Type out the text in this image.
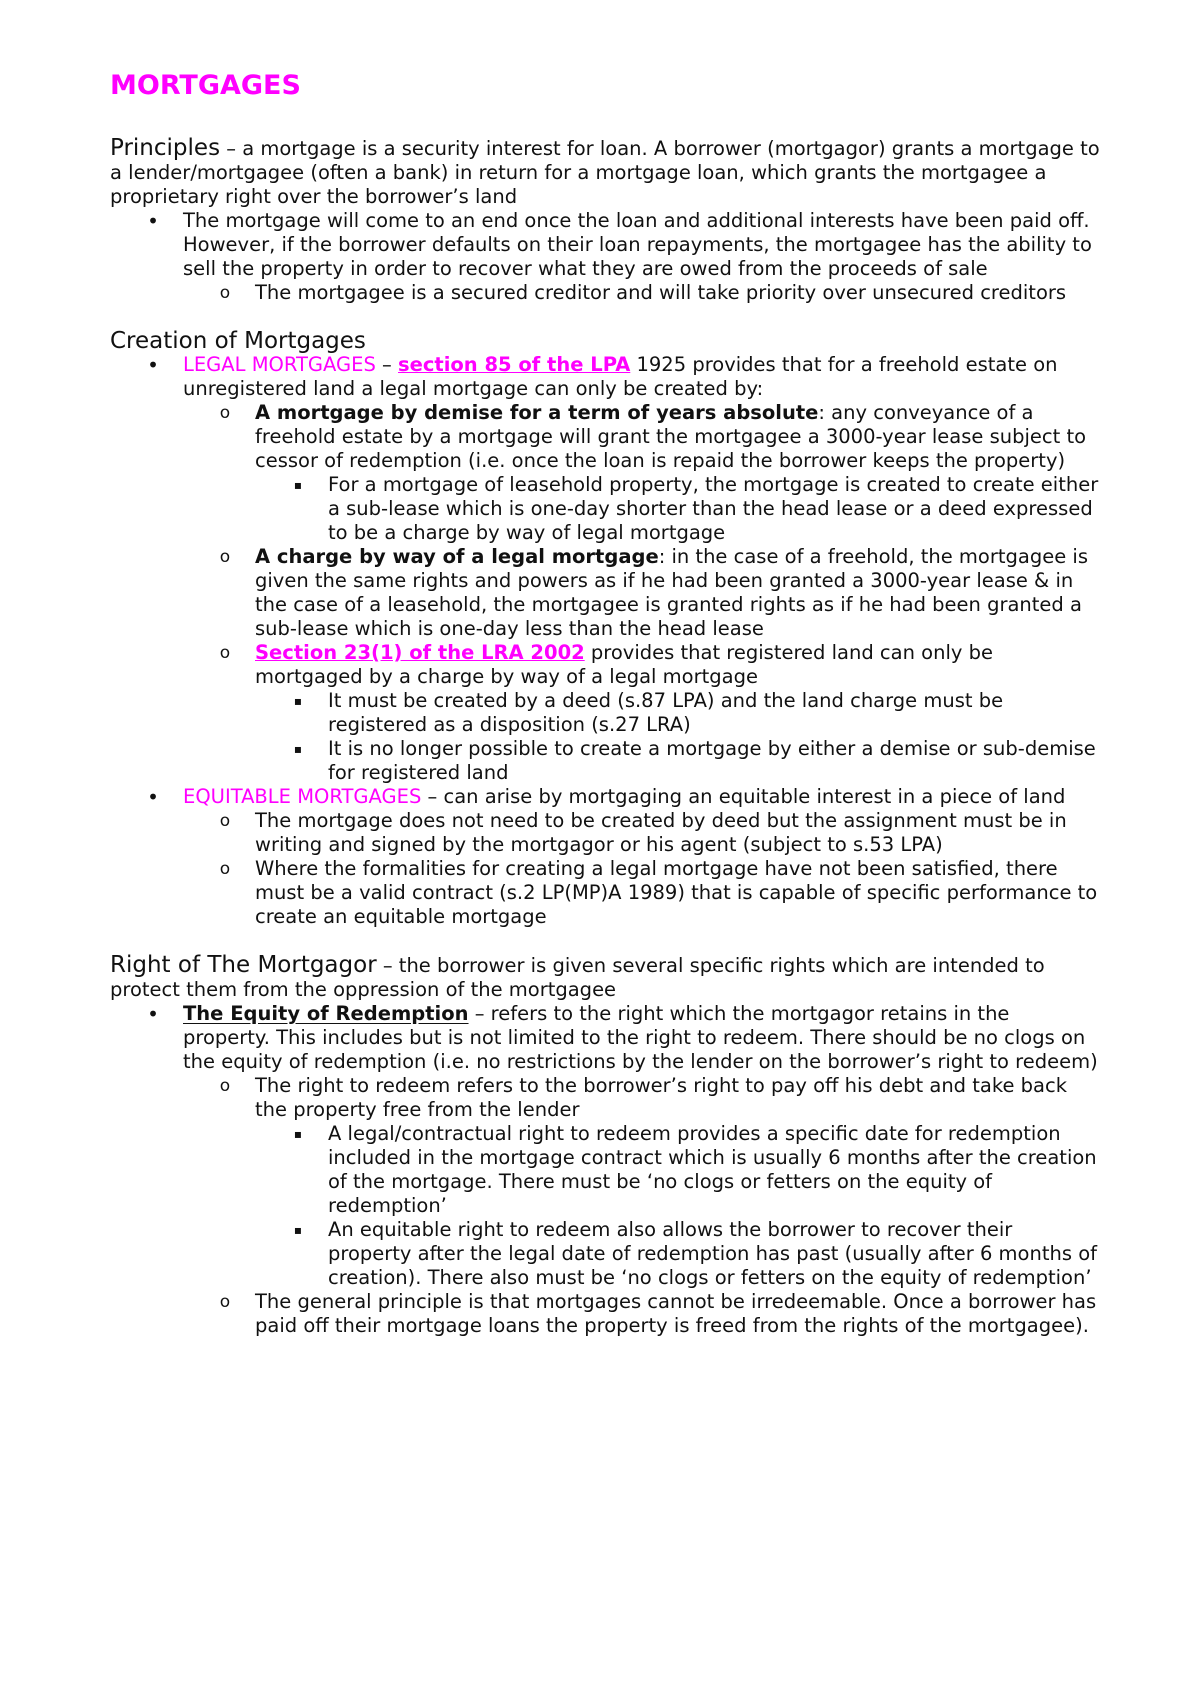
MORTGAGES

Principles – a mortgage is a security interest for loan. A borrower (mortgagor) grants a mortgage to a lender/mortgagee (often a bank) in return for a mortgage loan, which grants the mortgagee a proprietary right over the borrower’s land

• The mortgage will come to an end once the loan and additional interests have been paid off. However, if the borrower defaults on their loan repayments, the mortgagee has the ability to sell the property in order to recover what they are owed from the proceeds of sale
o The mortgagee is a secured creditor and will take priority over unsecured creditors

Creation of Mortgages

• LEGAL MORTGAGES – section 85 of the LPA 1925 provides that for a freehold estate on unregistered land a legal mortgage can only be created by:
o A mortgage by demise for a term of years absolute: any conveyance of a freehold estate by a mortgage will grant the mortgagee a 3000-year lease subject to cessor of redemption (i.e. once the loan is repaid the borrower keeps the property)
▪	For a mortgage of leasehold property, the mortgage is created to create either a sub-lease which is one-day shorter than the head lease or a deed expressed to be a charge by way of legal mortgage
o A charge by way of a legal mortgage: in the case of a freehold, the mortgagee is given the same rights and powers as if he had been granted a 3000-year lease & in the case of a leasehold, the mortgagee is granted rights as if he had been granted a sub-lease which is one-day less than the head lease
o Section 23(1) of the LRA 2002 provides that registered land can only be mortgaged by a charge by way of a legal mortgage
▪	It must be created by a deed (s.87 LPA) and the land charge must be registered as a disposition (s.27 LRA)
▪	It is no longer possible to create a mortgage by either a demise or sub-demise for registered land
• EQUITABLE MORTGAGES – can arise by mortgaging an equitable interest in a piece of land
o The mortgage does not need to be created by deed but the assignment must be in writing and signed by the mortgagor or his agent (subject to s.53 LPA)
o Where the formalities for creating a legal mortgage have not been satisfied, there must be a valid contract (s.2 LP(MP)A 1989) that is capable of specific performance to create an equitable mortgage

Right of The Mortgagor – the borrower is given several specific rights which are intended to protect them from the oppression of the mortgagee

• The Equity of Redemption – refers to the right which the mortgagor retains in the property. This includes but is not limited to the right to redeem. There should be no clogs on the equity of redemption (i.e. no restrictions by the lender on the borrower’s right to redeem)
o The right to redeem refers to the borrower’s right to pay off his debt and take back the property free from the lender
▪	A legal/contractual right to redeem provides a specific date for redemption included in the mortgage contract which is usually 6 months after the creation of the mortgage. There must be ‘no clogs or fetters on the equity of redemption’
▪	An equitable right to redeem also allows the borrower to recover their property after the legal date of redemption has past (usually after 6 months of creation). There also must be ‘no clogs or fetters on the equity of redemption’
o The general principle is that mortgages cannot be irredeemable. Once a borrower has paid off their mortgage loans the property is freed from the rights of the mortgagee).
